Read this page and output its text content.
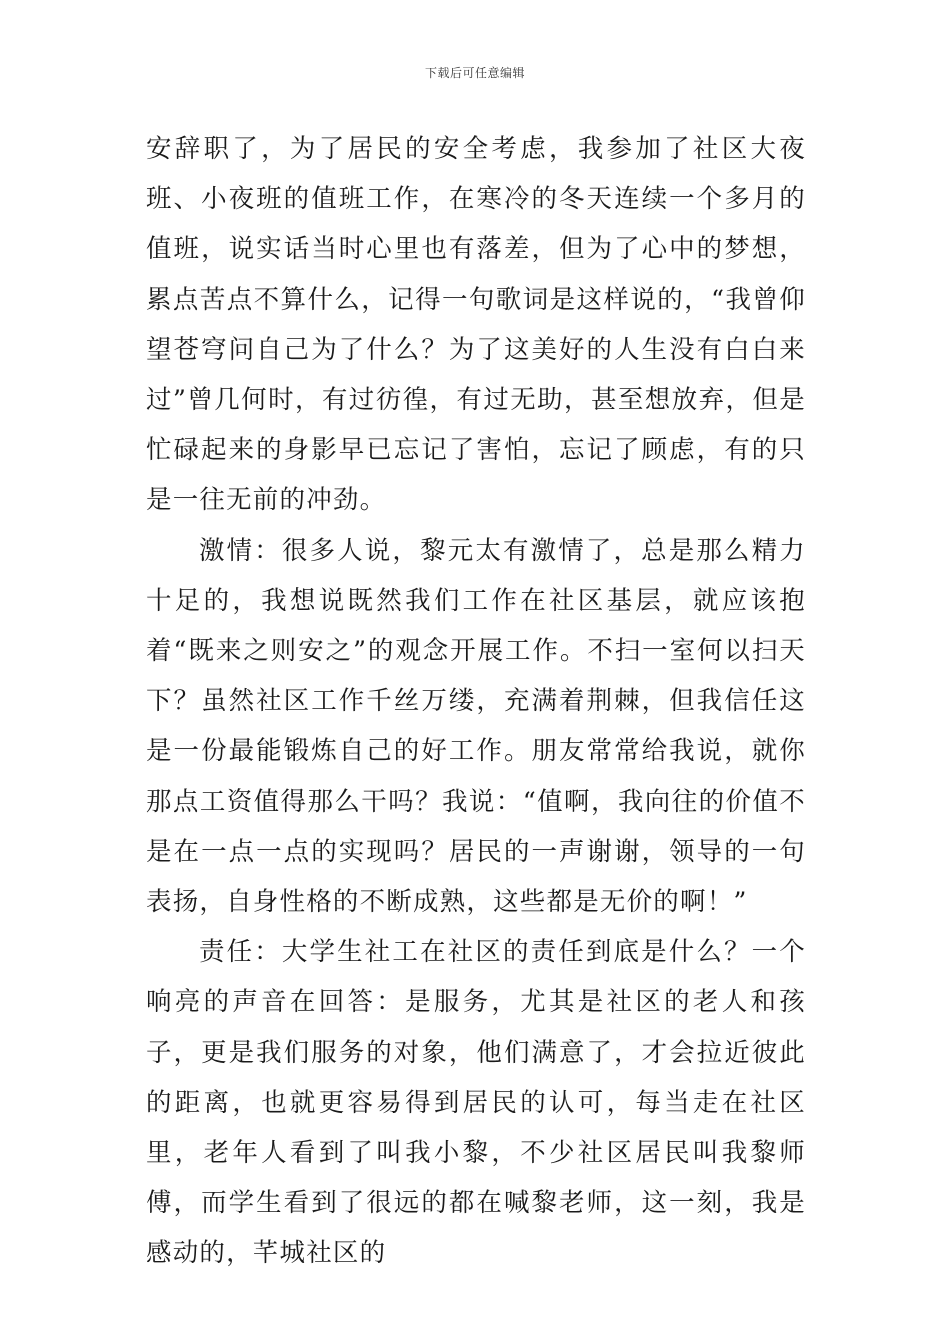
下载后可任意编辑

安辞职了，为了居民的安全考虑，我参加了社区大夜班、小夜班的值班工作，在寒冷的冬天连续一个多月的值班，说实话当时心里也有落差，但为了心中的梦想，累点苦点不算什么，记得一句歌词是这样说的，“我曾仰望苍穹问自己为了什么？为了这美好的人生没有白白来过”曾几何时，有过彷徨，有过无助，甚至想放弃，但是忙碌起来的身影早已忘记了害怕，忘记了顾虑，有的只是一往无前的冲劲。

激情：很多人说，黎元太有激情了，总是那么精力十足的，我想说既然我们工作在社区基层，就应该抱着“既来之则安之”的观念开展工作。不扫一室何以扫天下？虽然社区工作千丝万缕，充满着荆棘，但我信任这是一份最能锻炼自己的好工作。朋友常常给我说，就你那点工资值得那么干吗？我说：“值啊，我向往的价值不是在一点一点的实现吗？居民的一声谢谢，领导的一句表扬，自身性格的不断成熟，这些都是无价的啊！”

责任：大学生社工在社区的责任到底是什么？一个响亮的声音在回答：是服务，尤其是社区的老人和孩子，更是我们服务的对象，他们满意了，才会拉近彼此的距离，也就更容易得到居民的认可，每当走在社区里，老年人看到了叫我小黎，不少社区居民叫我黎师傅，而学生看到了很远的都在喊黎老师，这一刻，我是感动的，芊城社区的
